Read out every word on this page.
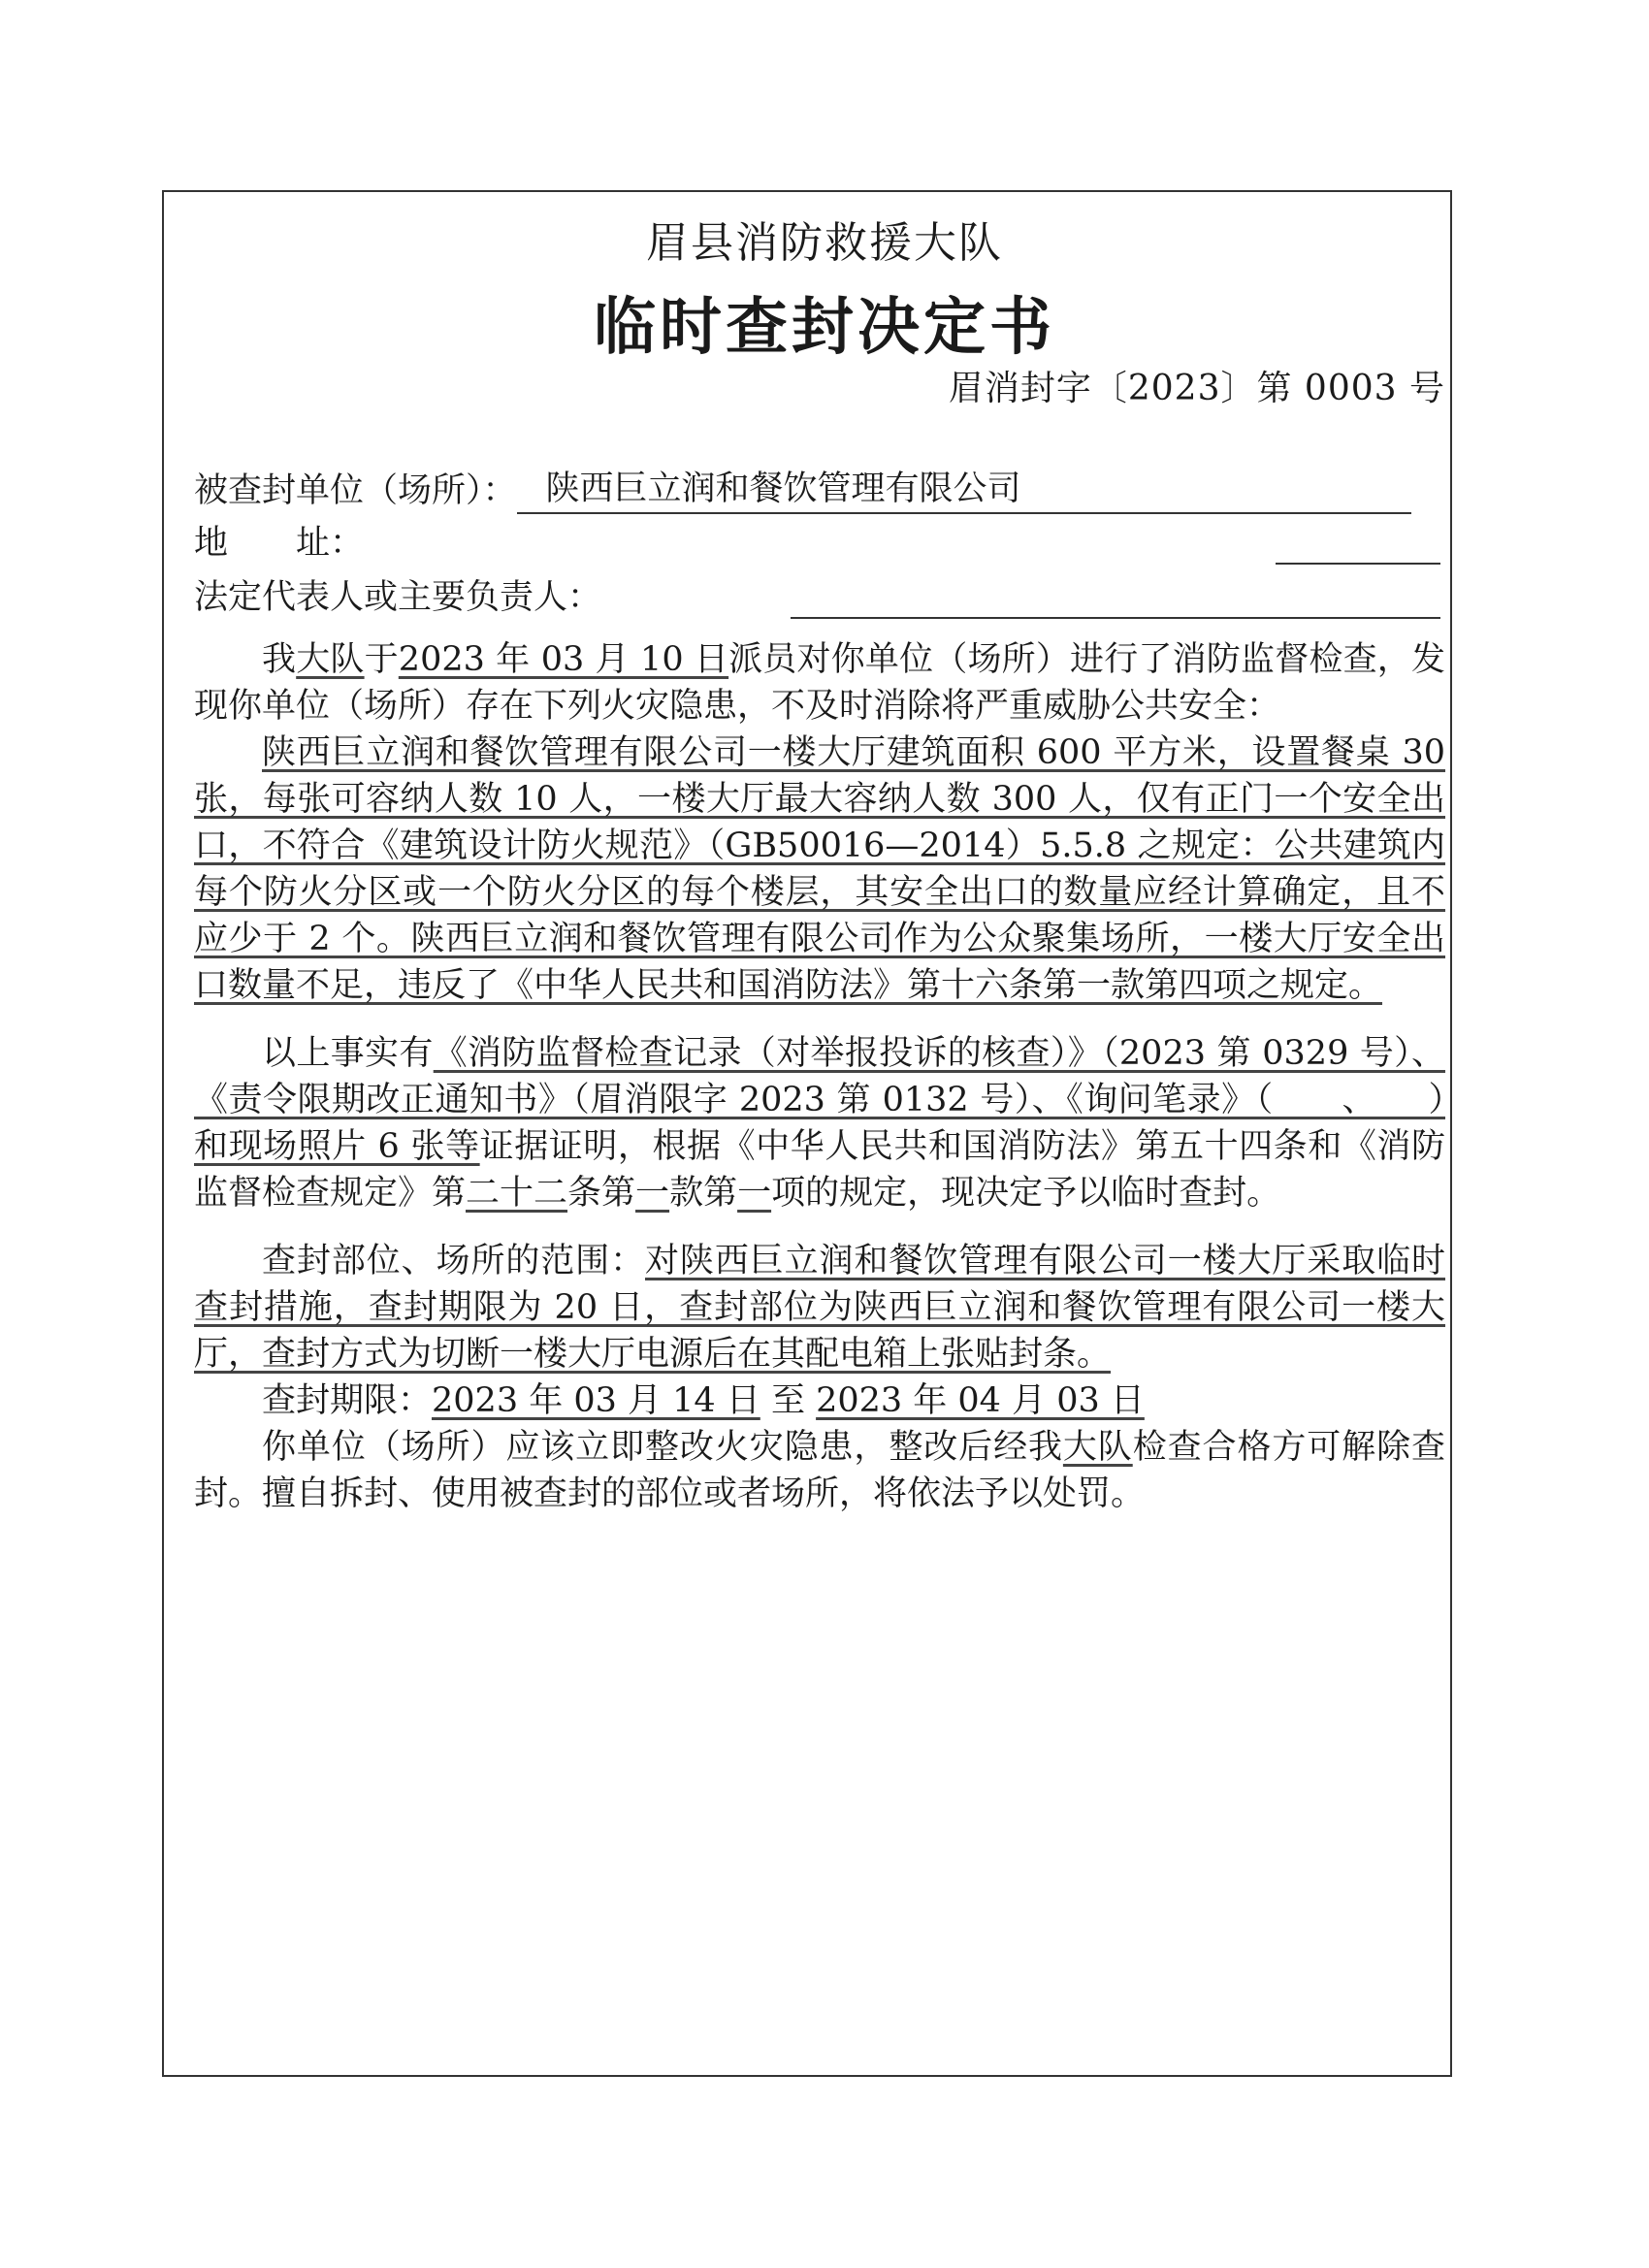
眉县消防救援大队
临时查封决定书
眉消封字〔2023〕第 0003 号
被查封单位（场所）： 陕西巨立润和餐饮管理有限公司
地　　址：
法定代表人或主要负责人：

我大队于2023 年 03 月 10 日派员对你单位（场所）进行了消防监督检查，发现你单位（场所）存在下列火灾隐患，不及时消除将严重威胁公共安全：

陕西巨立润和餐饮管理有限公司一楼大厅建筑面积 600 平方米，设置餐桌 30 张，每张可容纳人数 10 人，一楼大厅最大容纳人数 300 人，仅有正门一个安全出口，不符合《建筑设计防火规范》（GB50016—2014）5.5.8 之规定：公共建筑内每个防火分区或一个防火分区的每个楼层，其安全出口的数量应经计算确定，且不应少于 2 个。陕西巨立润和餐饮管理有限公司作为公众聚集场所，一楼大厅安全出口数量不足，违反了《中华人民共和国消防法》第十六条第一款第四项之规定。

以上事实有《消防监督检查记录（对举报投诉的核查）》（2023 第 0329 号）、《责令限期改正通知书》（眉消限字 2023 第 0132 号）、《询问笔录》（　　、　　）和现场照片 6 张等证据证明，根据《中华人民共和国消防法》第五十四条和《消防监督检查规定》第二十二条第一款第一项的规定，现决定予以临时查封。

查封部位、场所的范围：对陕西巨立润和餐饮管理有限公司一楼大厅采取临时查封措施，查封期限为 20 日，查封部位为陕西巨立润和餐饮管理有限公司一楼大厅，查封方式为切断一楼大厅电源后在其配电箱上张贴封条。

查封期限：2023 年 03 月 14 日 至 2023 年 04 月 03 日

你单位（场所）应该立即整改火灾隐患，整改后经我大队检查合格方可解除查封。擅自拆封、使用被查封的部位或者场所，将依法予以处罚。
